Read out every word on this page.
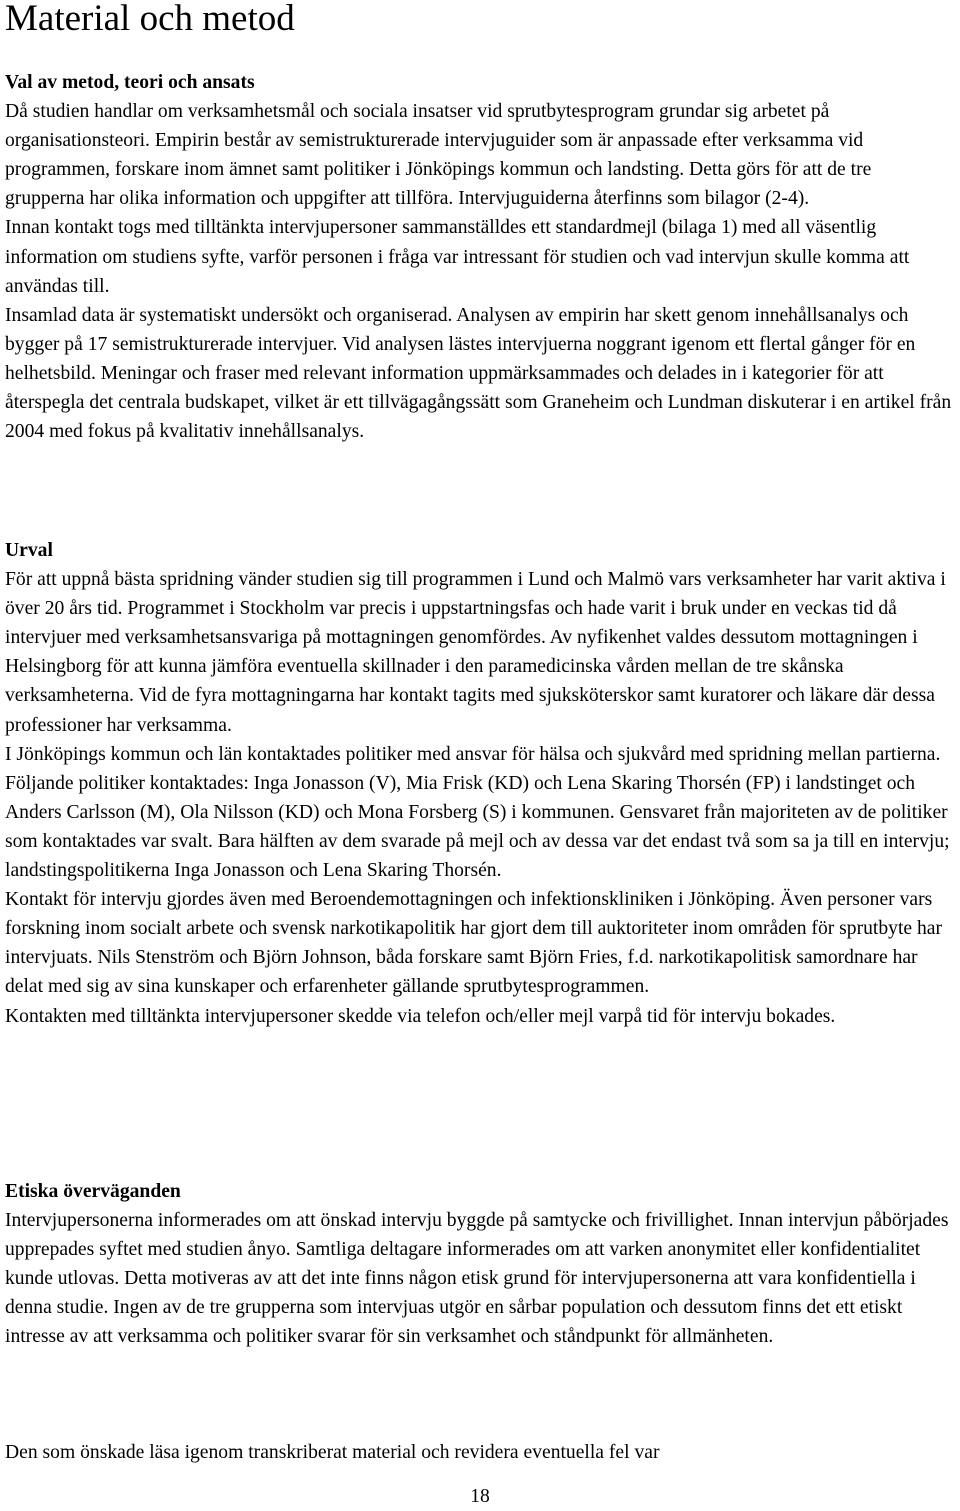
Material och metod
Val av metod, teori och ansats

Då studien handlar om verksamhetsmål och sociala insatser vid sprutbytesprogram grundar sig arbetet på organisationsteori. Empirin består av semistrukturerade intervjuguider som är anpassade efter verksamma vid programmen, forskare inom ämnet samt politiker i Jönköpings kommun och landsting. Detta görs för att de tre grupperna har olika information och uppgifter att tillföra. Intervjuguiderna återfinns som bilagor (2-4).

Innan kontakt togs med tilltänkta intervjupersoner sammanställdes ett standardmejl (bilaga 1) med all väsentlig information om studiens syfte, varför personen i fråga var intressant för studien och vad intervjun skulle komma att användas till.

Insamlad data är systematiskt undersökt och organiserad. Analysen av empirin har skett genom innehållsanalys och bygger på 17 semistrukturerade intervjuer. Vid analysen lästes intervjuerna noggrant igenom ett flertal gånger för en helhetsbild. Meningar och fraser med relevant information uppmärksammades och delades in i kategorier för att återspegla det centrala budskapet, vilket är ett tillvägagångssätt som Graneheim och Lundman diskuterar i en artikel från 2004 med fokus på kvalitativ innehållsanalys.

Urval

För att uppnå bästa spridning vänder studien sig till programmen i Lund och Malmö vars verksamheter har varit aktiva i över 20 års tid. Programmet i Stockholm var precis i uppstartningsfas och hade varit i bruk under en veckas tid då intervjuer med verksamhetsansvariga på mottagningen genomfördes. Av nyfikenhet valdes dessutom mottagningen i Helsingborg för att kunna jämföra eventuella skillnader i den paramedicinska vården mellan de tre skånska verksamheterna. Vid de fyra mottagningarna har kontakt tagits med sjuksköterskor samt kuratorer och läkare där dessa professioner har verksamma.

I Jönköpings kommun och län kontaktades politiker med ansvar för hälsa och sjukvård med spridning mellan partierna. Följande politiker kontaktades: Inga Jonasson (V), Mia Frisk (KD) och Lena Skaring Thorsén (FP) i landstinget och Anders Carlsson (M), Ola Nilsson (KD) och Mona Forsberg (S) i kommunen. Gensvaret från majoriteten av de politiker som kontaktades var svalt. Bara hälften av dem svarade på mejl och av dessa var det endast två som sa ja till en intervju; landstingspolitikerna Inga Jonasson och Lena Skaring Thorsén.

Kontakt för intervju gjordes även med Beroendemottagningen och infektionskliniken i Jönköping. Även personer vars forskning inom socialt arbete och svensk narkotikapolitik har gjort dem till auktoriteter inom områden för sprutbyte har intervjuats. Nils Stenström och Björn Johnson, båda forskare samt Björn Fries, f.d. narkotikapolitisk samordnare har delat med sig av sina kunskaper och erfarenheter gällande sprutbytesprogrammen.

Kontakten med tilltänkta intervjupersoner skedde via telefon och/eller mejl varpå tid för intervju bokades.

Etiska överväganden

Intervjupersonerna informerades om att önskad intervju byggde på samtycke och frivillighet. Innan intervjun påbörjades upprepades syftet med studien ånyo. Samtliga deltagare informerades om att varken anonymitet eller konfidentialitet kunde utlovas. Detta motiveras av att det inte finns någon etisk grund för intervjupersonerna att vara konfidentiella i denna studie. Ingen av de tre grupperna som intervjuas utgör en sårbar population och dessutom finns det ett etiskt intresse av att verksamma och politiker svarar för sin verksamhet och ståndpunkt för allmänheten.

Den som önskade läsa igenom transkriberat material och revidera eventuella fel var

18
